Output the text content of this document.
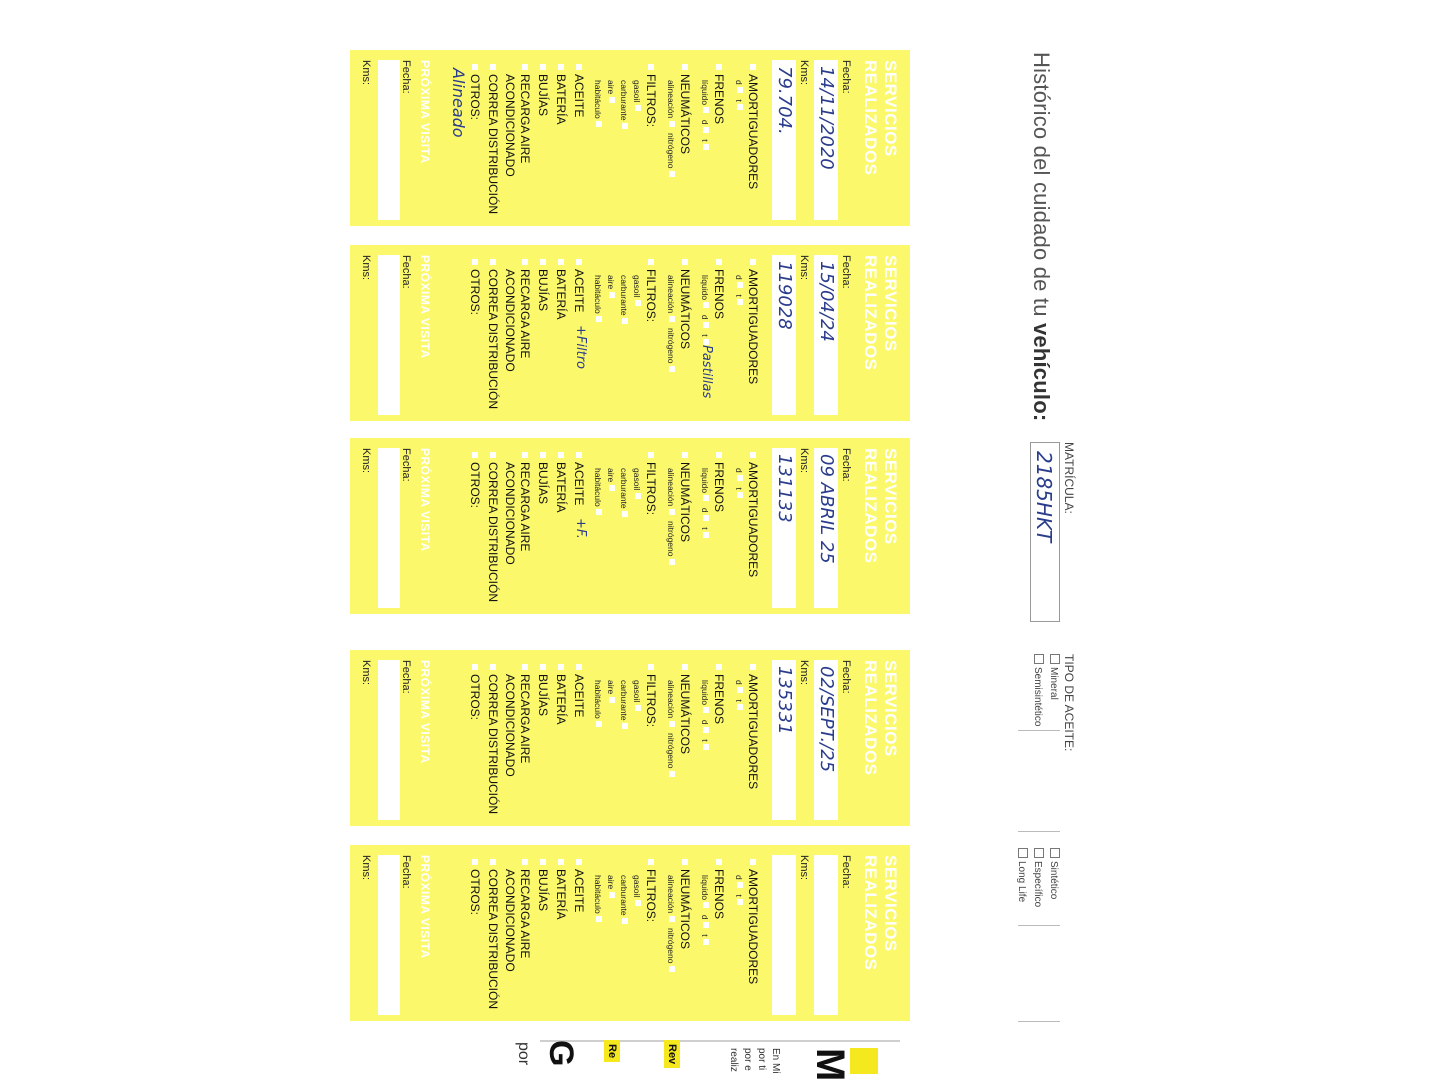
Histórico del cuidado de tu vehículo:
MATRÍCULA:
2185HKT
TIPO DE ACEITE:
Mineral
Semisintético
Sintético
Específico
Long Life
SERVICIOS
REALIZADOS
Fecha:
14/11/2020
Kms:
79.704.
AMORTIGUADORES
d  t
FRENOS
líquido  d  t
NEUMÁTICOS
alineación  nitrógeno
FILTROS:
gasoil
carburante
aire
habitáculo
ACEITE
BATERÍA
BUJÍAS
RECARGA AIRE
ACONDICIONADO
CORREA DISTRIBUCIÓN
OTROS:
Alineado
PRÓXIMA VISITA
Fecha:
Kms:
SERVICIOS
REALIZADOS
Fecha:
15/04/24
Kms:
119028
AMORTIGUADORES
d  t
FRENOS
líquido  d  t
Pastillas
NEUMÁTICOS
alineación  nitrógeno
FILTROS:
gasoil
carburante
aire
habitáculo
ACEITE
+Filtro
BATERÍA
BUJÍAS
RECARGA AIRE
ACONDICIONADO
CORREA DISTRIBUCIÓN
OTROS:
PRÓXIMA VISITA
Fecha:
Kms:
SERVICIOS
REALIZADOS
Fecha:
09 ABRIL 25
Kms:
131133
AMORTIGUADORES
d  t
FRENOS
líquido  d  t
NEUMÁTICOS
alineación  nitrógeno
FILTROS:
gasoil
carburante
aire
habitáculo
ACEITE
+F.
BATERÍA
BUJÍAS
RECARGA AIRE
ACONDICIONADO
CORREA DISTRIBUCIÓN
OTROS:
PRÓXIMA VISITA
Fecha:
Kms:
SERVICIOS
REALIZADOS
Fecha:
02/SEPT./25
Kms:
135331
AMORTIGUADORES
d  t
FRENOS
líquido  d  t
NEUMÁTICOS
alineación  nitrógeno
FILTROS:
gasoil
carburante
aire
habitáculo
ACEITE
BATERÍA
BUJÍAS
RECARGA AIRE
ACONDICIONADO
CORREA DISTRIBUCIÓN
OTROS:
PRÓXIMA VISITA
Fecha:
Kms:
SERVICIOS
REALIZADOS
Fecha:
Kms:
AMORTIGUADORES
d  t
FRENOS
líquido  d  t
NEUMÁTICOS
alineación  nitrógeno
FILTROS:
gasoil
carburante
aire
habitáculo
ACEITE
BATERÍA
BUJÍAS
RECARGA AIRE
ACONDICIONADO
CORREA DISTRIBUCIÓN
OTROS:
PRÓXIMA VISITA
Fecha:
Kms:
M
En Mi
por ti
por e
realiz
Rev
Re
G
por
